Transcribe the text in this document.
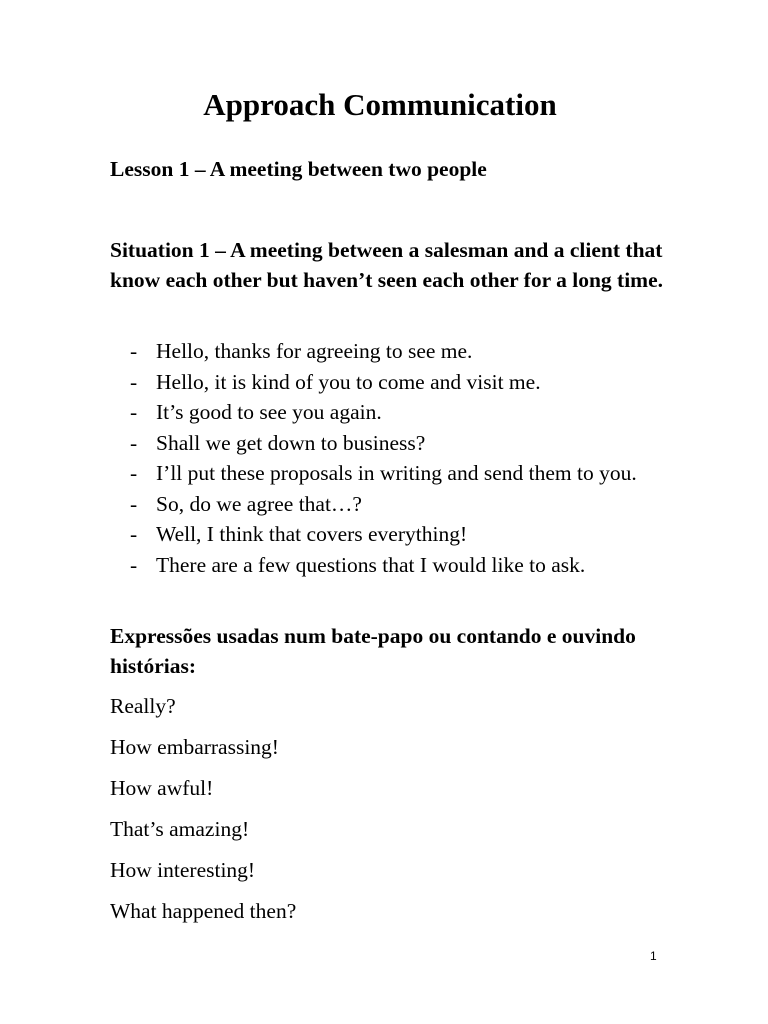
Approach Communication
Lesson 1 – A meeting between two people
Situation 1 – A meeting between a salesman and a client that know each other but haven’t seen each other for a long time.
- Hello, thanks for agreeing to see me.
- Hello, it is kind of you to come and visit me.
- It’s good to see you again.
- Shall we get down to business?
- I’ll put these proposals in writing and send them to you.
- So, do we agree that…?
- Well, I think that covers everything!
- There are a few questions that I would like to ask.
Expressões usadas num bate-papo ou contando e ouvindo histórias:
Really?
How embarrassing!
How awful!
That’s amazing!
How interesting!
What happened then?
1
